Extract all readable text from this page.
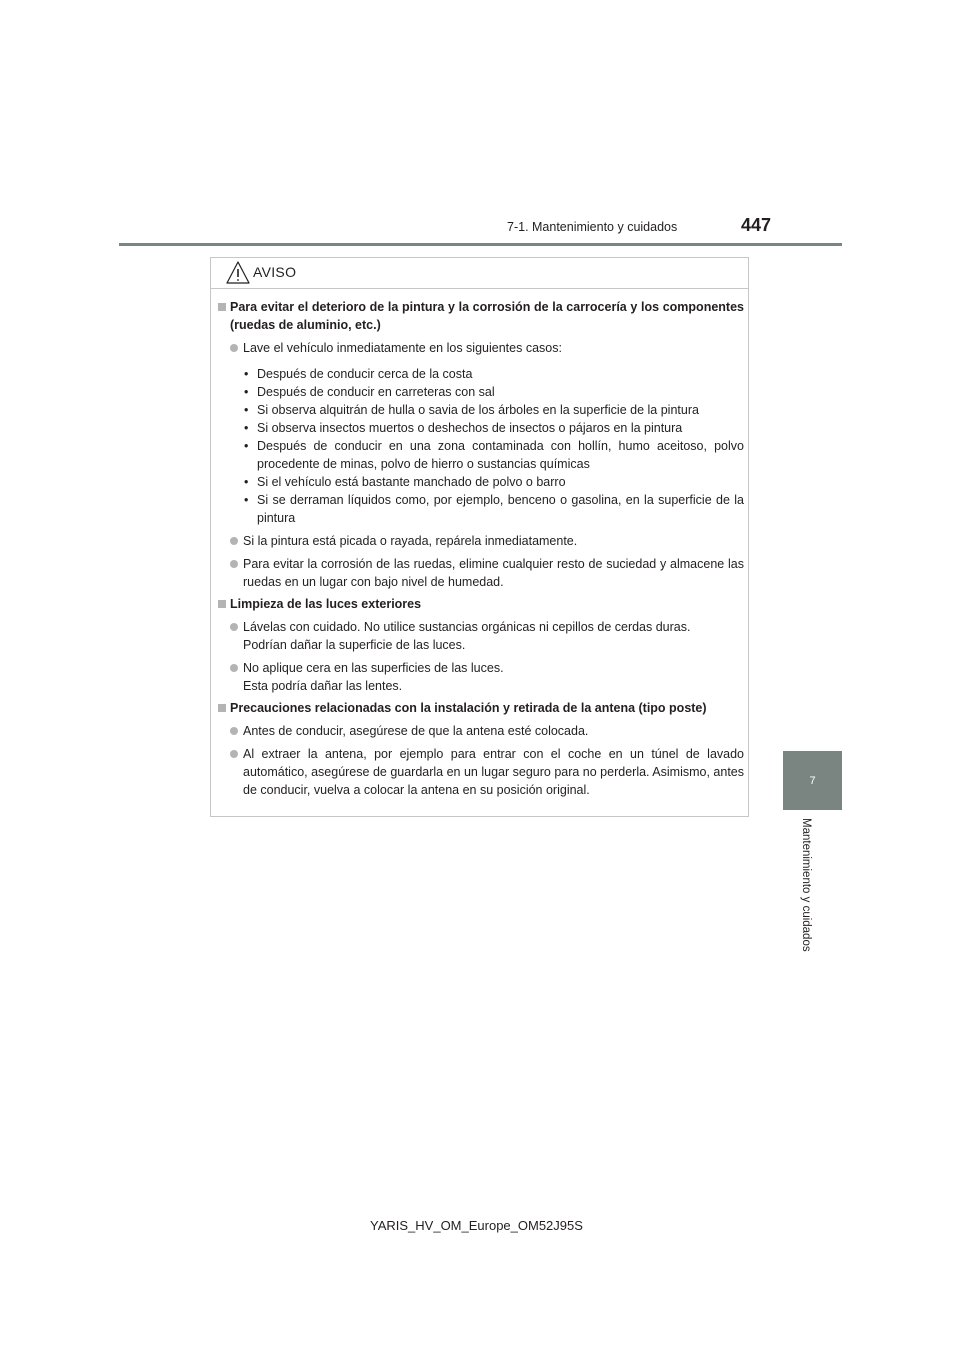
7-1. Mantenimiento y cuidados	447
7
Mantenimiento y cuidados
AVISO
Para evitar el deterioro de la pintura y la corrosión de la carrocería y los componentes (ruedas de aluminio, etc.)
Lave el vehículo inmediatamente en los siguientes casos:
• Después de conducir cerca de la costa
• Después de conducir en carreteras con sal
• Si observa alquitrán de hulla o savia de los árboles en la superficie de la pintura
• Si observa insectos muertos o deshechos de insectos o pájaros en la pintura
• Después de conducir en una zona contaminada con hollín, humo aceitoso, polvo procedente de minas, polvo de hierro o sustancias químicas
• Si el vehículo está bastante manchado de polvo o barro
• Si se derraman líquidos como, por ejemplo, benceno o gasolina, en la superficie de la pintura
Si la pintura está picada o rayada, repárela inmediatamente.
Para evitar la corrosión de las ruedas, elimine cualquier resto de suciedad y almacene las ruedas en un lugar con bajo nivel de humedad.
Limpieza de las luces exteriores
Lávelas con cuidado. No utilice sustancias orgánicas ni cepillos de cerdas duras.
Podrían dañar la superficie de las luces.
No aplique cera en las superficies de las luces.
Esta podría dañar las lentes.
Precauciones relacionadas con la instalación y retirada de la antena (tipo poste)
Antes de conducir, asegúrese de que la antena esté colocada.
Al extraer la antena, por ejemplo para entrar con el coche en un túnel de lavado automático, asegúrese de guardarla en un lugar seguro para no perderla. Asimismo, antes de conducir, vuelva a colocar la antena en su posición original.
YARIS_HV_OM_Europe_OM52J95S
